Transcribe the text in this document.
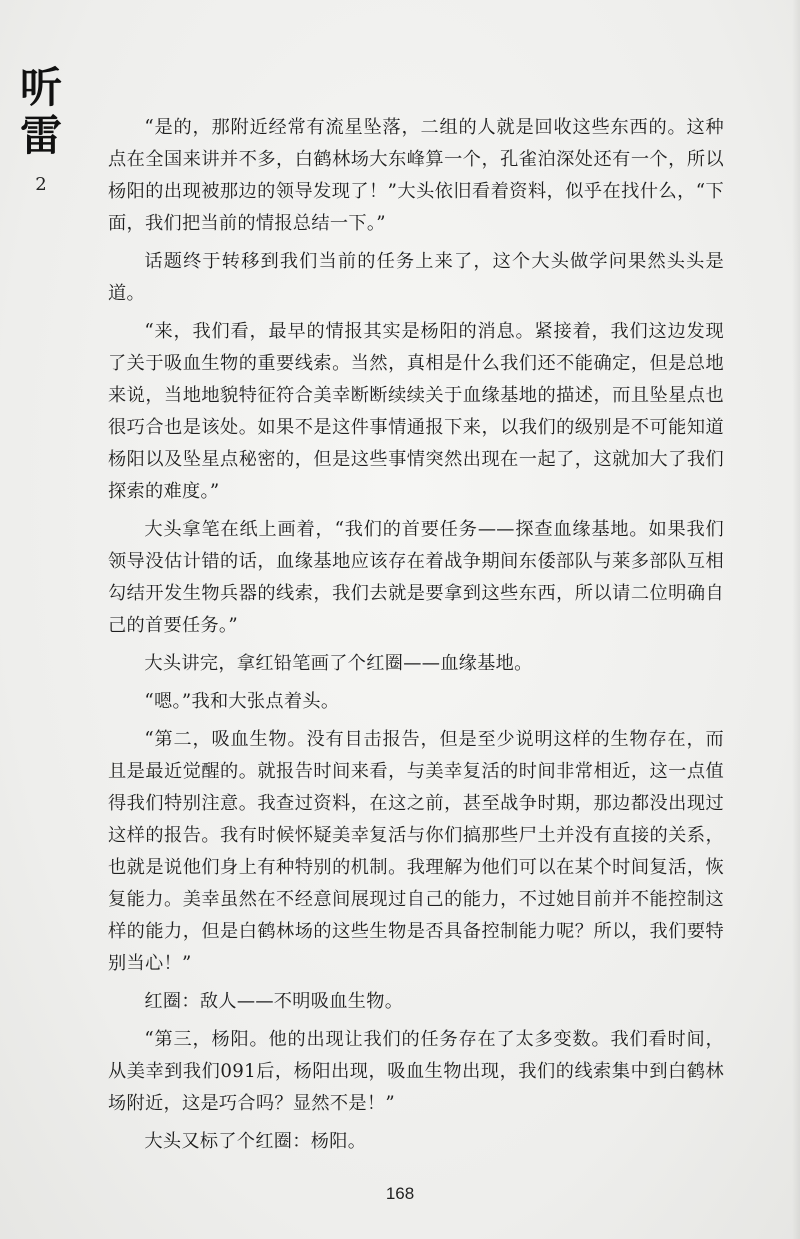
听
雷
2

“是的，那附近经常有流星坠落，二组的人就是回收这些东西的。这种点在全国来讲并不多，白鹤林场大东峰算一个，孔雀泊深处还有一个，所以杨阳的出现被那边的领导发现了！”大头依旧看着资料，似乎在找什么，“下面，我们把当前的情报总结一下。”

话题终于转移到我们当前的任务上来了，这个大头做学问果然头头是道。

“来，我们看，最早的情报其实是杨阳的消息。紧接着，我们这边发现了关于吸血生物的重要线索。当然，真相是什么我们还不能确定，但是总地来说，当地地貌特征符合美幸断断续续关于血缘基地的描述，而且坠星点也很巧合也是该处。如果不是这件事情通报下来，以我们的级别是不可能知道杨阳以及坠星点秘密的，但是这些事情突然出现在一起了，这就加大了我们探索的难度。”

大头拿笔在纸上画着，“我们的首要任务——探查血缘基地。如果我们领导没估计错的话，血缘基地应该存在着战争期间东倭部队与莱多部队互相勾结开发生物兵器的线索，我们去就是要拿到这些东西，所以请二位明确自己的首要任务。”

大头讲完，拿红铅笔画了个红圈——血缘基地。

“嗯。”我和大张点着头。

“第二，吸血生物。没有目击报告，但是至少说明这样的生物存在，而且是最近觉醒的。就报告时间来看，与美幸复活的时间非常相近，这一点值得我们特别注意。我查过资料，在这之前，甚至战争时期，那边都没出现过这样的报告。我有时候怀疑美幸复活与你们搞那些尸土并没有直接的关系，也就是说他们身上有种特别的机制。我理解为他们可以在某个时间复活，恢复能力。美幸虽然在不经意间展现过自己的能力，不过她目前并不能控制这样的能力，但是白鹤林场的这些生物是否具备控制能力呢？所以，我们要特别当心！”

红圈：敌人——不明吸血生物。

“第三，杨阳。他的出现让我们的任务存在了太多变数。我们看时间，从美幸到我们091后，杨阳出现，吸血生物出现，我们的线索集中到白鹤林场附近，这是巧合吗？显然不是！”

大头又标了个红圈：杨阳。

168
